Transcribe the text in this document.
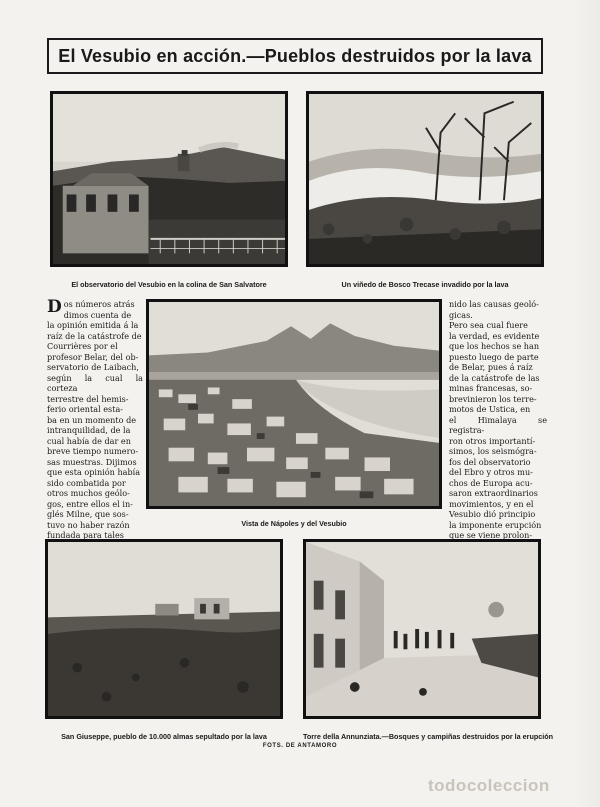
El Vesubio en acción.—Pueblos destruidos por la lava
El observatorio del Vesubio en la colina de San Salvatore	Un viñedo de Bosco Trecase invadido por la lava
D os números atrás

dimos cuenta de

la opinión emitida á la

raíz de la catástrofe de

Courrières por el

profesor Belar, del ob-

servatorio de Laibach,

según la cual la corteza

terrestre del hemis-

ferio oriental esta-

ba en un momento de

intranquilidad, de la

cual había de dar en

breve tiempo numero-

sas muestras. Dijimos

que esta opinión había

sido combatida por

otros muchos geólo-

gos, entre ellos el in-

glés Milne, que sos-

tuvo no haber razón

fundada para tales

Vista de Nápoles y del Vesubio

nido las causas geoló-

gicas.

Pero sea cual fuere

la verdad, es evidente

que los hechos se han

puesto luego de parte

de Belar, pues á raíz

de la catástrofe de las

minas francesas, so-

brevinieron los terre-

motos de Ustica, en

el Himalaya se registra-

ron otros importantí-

simos, los seismógra-

fos del observatorio

del Ebro y otros mu-

chos de Europa acu-

saron extraordinarios

movimientos, y en el

Vesubio dió principio

la imponente erupción

que se viene prolon-

San Giuseppe, pueblo de 10.000 almas sepultado por la lava	Torre della Annunziata.—Bosques y campiñas destruidos por la erupción
FOTS. DE ANTAMORO
todocoleccion
